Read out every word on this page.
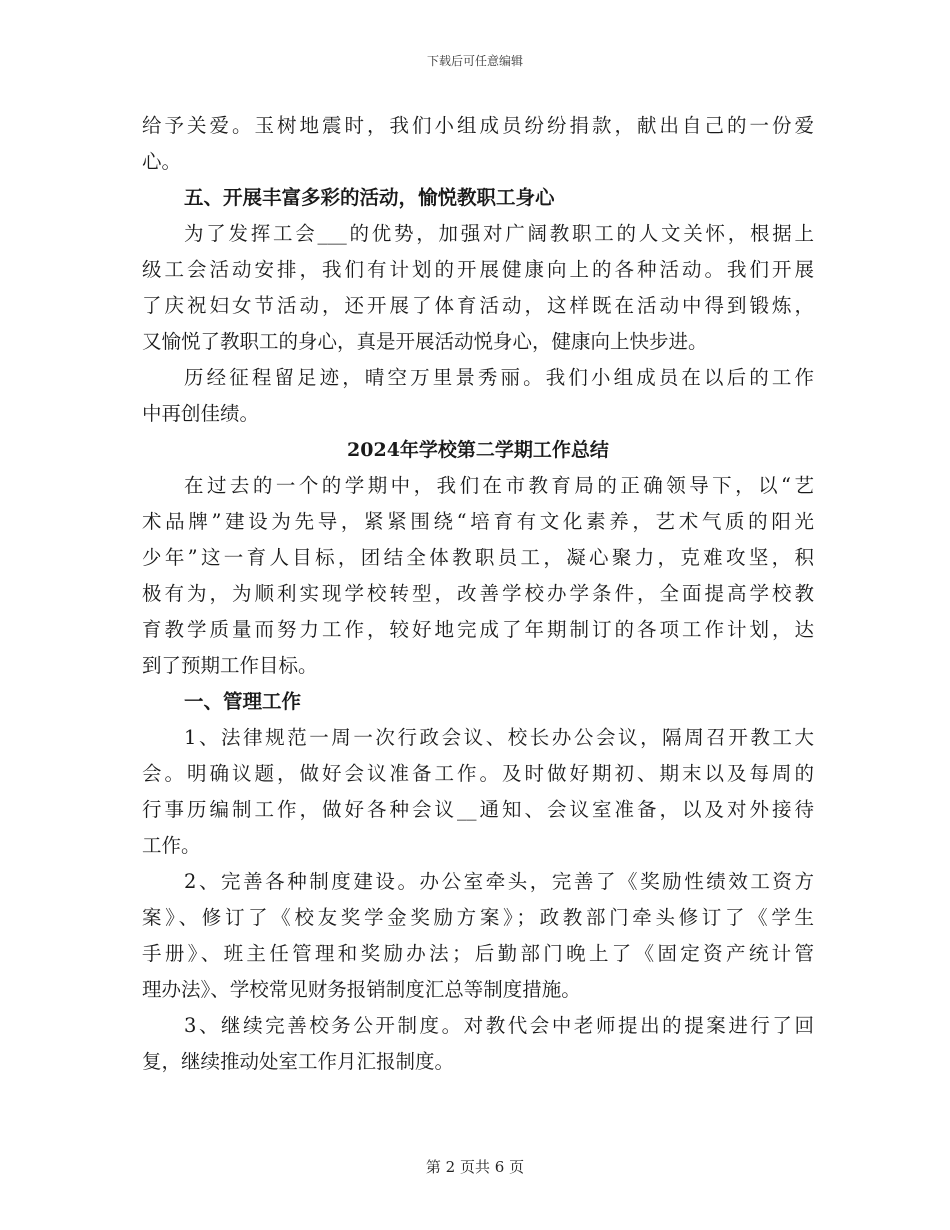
下载后可任意编辑
给予关爱。玉树地震时，我们小组成员纷纷捐款，献出自己的一份爱
心。
五、开展丰富多彩的活动，愉悦教职工身心
为了发挥工会___的优势，加强对广阔教职工的人文关怀，根据上
级工会活动安排，我们有计划的开展健康向上的各种活动。我们开展
了庆祝妇女节活动，还开展了体育活动，这样既在活动中得到锻炼，
又愉悦了教职工的身心，真是开展活动悦身心，健康向上快步进。
历经征程留足迹，晴空万里景秀丽。我们小组成员在以后的工作
中再创佳绩。
2024年学校第二学期工作总结
在过去的一个的学期中，我们在市教育局的正确领导下，以“艺
术品牌”建设为先导，紧紧围绕“培育有文化素养，艺术气质的阳光
少年”这一育人目标，团结全体教职员工，凝心聚力，克难攻坚，积
极有为，为顺利实现学校转型，改善学校办学条件，全面提高学校教
育教学质量而努力工作，较好地完成了年期制订的各项工作计划，达
到了预期工作目标。
一、管理工作
1、法律规范一周一次行政会议、校长办公会议，隔周召开教工大
会。明确议题，做好会议准备工作。及时做好期初、期末以及每周的
行事历编制工作，做好各种会议__通知、会议室准备，以及对外接待
工作。
2、完善各种制度建设。办公室牵头，完善了《奖励性绩效工资方
案》、修订了《校友奖学金奖励方案》；政教部门牵头修订了《学生
手册》、班主任管理和奖励办法；后勤部门晚上了《固定资产统计管
理办法》、学校常见财务报销制度汇总等制度措施。
3、继续完善校务公开制度。对教代会中老师提出的提案进行了回
复，继续推动处室工作月汇报制度。
第 2 页共 6 页
